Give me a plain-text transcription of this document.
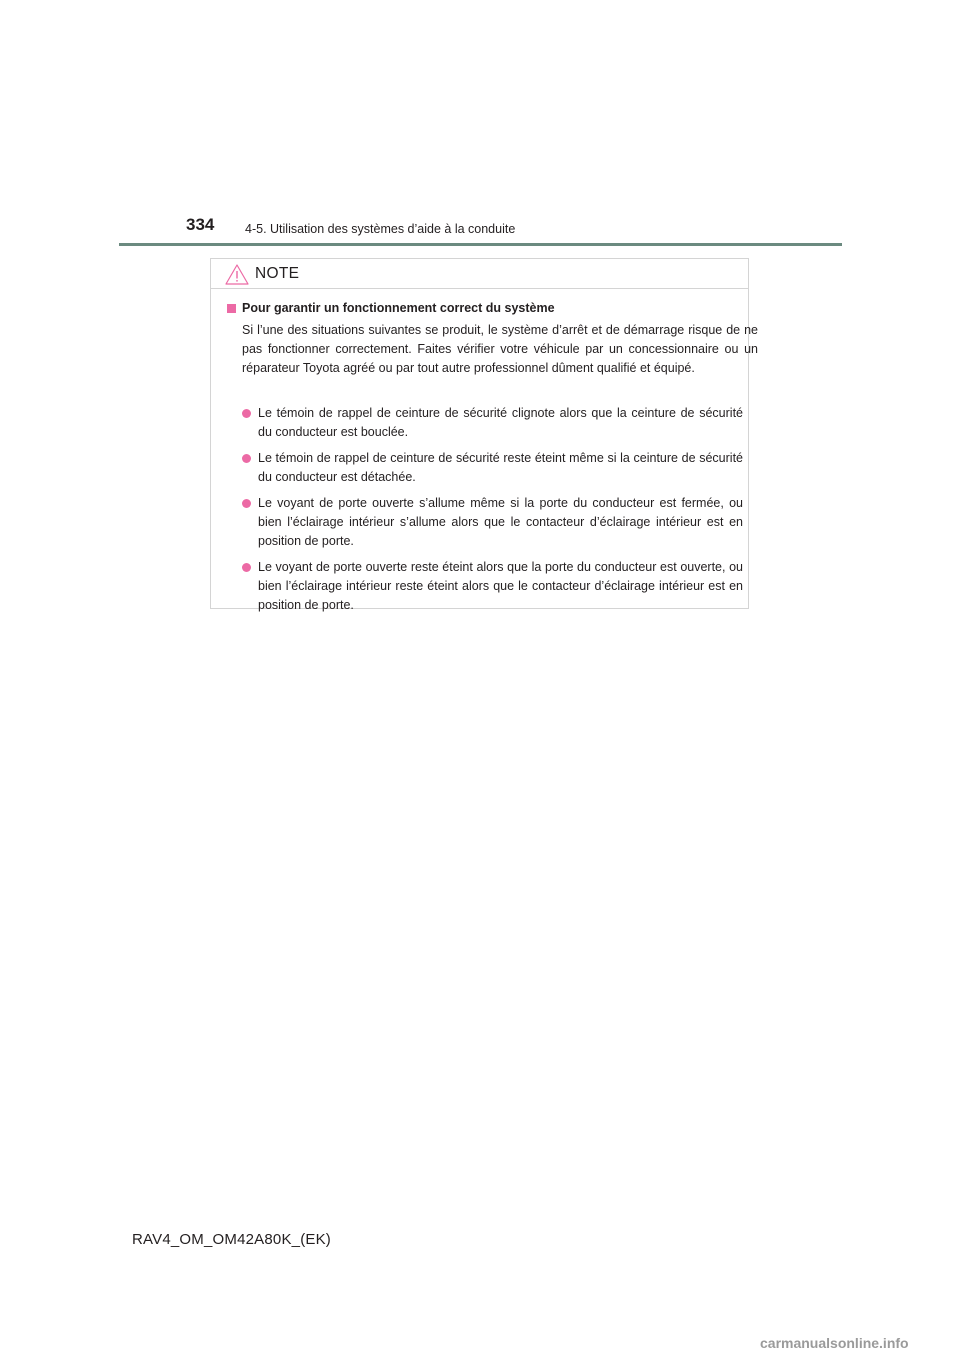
334 4-5. Utilisation des systèmes d’aide à la conduite
NOTE
Pour garantir un fonctionnement correct du système

Si l’une des situations suivantes se produit, le système d’arrêt et de démarrage risque de ne pas fonctionner correctement. Faites vérifier votre véhicule par un concessionnaire ou un réparateur Toyota agréé ou par tout autre professionnel dûment qualifié et équipé.

Le témoin de rappel de ceinture de sécurité clignote alors que la ceinture de sécurité du conducteur est bouclée.
Le témoin de rappel de ceinture de sécurité reste éteint même si la ceinture de sécurité du conducteur est détachée.
Le voyant de porte ouverte s’allume même si la porte du conducteur est fermée, ou bien l’éclairage intérieur s’allume alors que le contacteur d’éclairage intérieur est en position de porte.
Le voyant de porte ouverte reste éteint alors que la porte du conducteur est ouverte, ou bien l’éclairage intérieur reste éteint alors que le contacteur d’éclairage intérieur est en position de porte.
RAV4_OM_OM42A80K_(EK)
carmanualsonline.info
